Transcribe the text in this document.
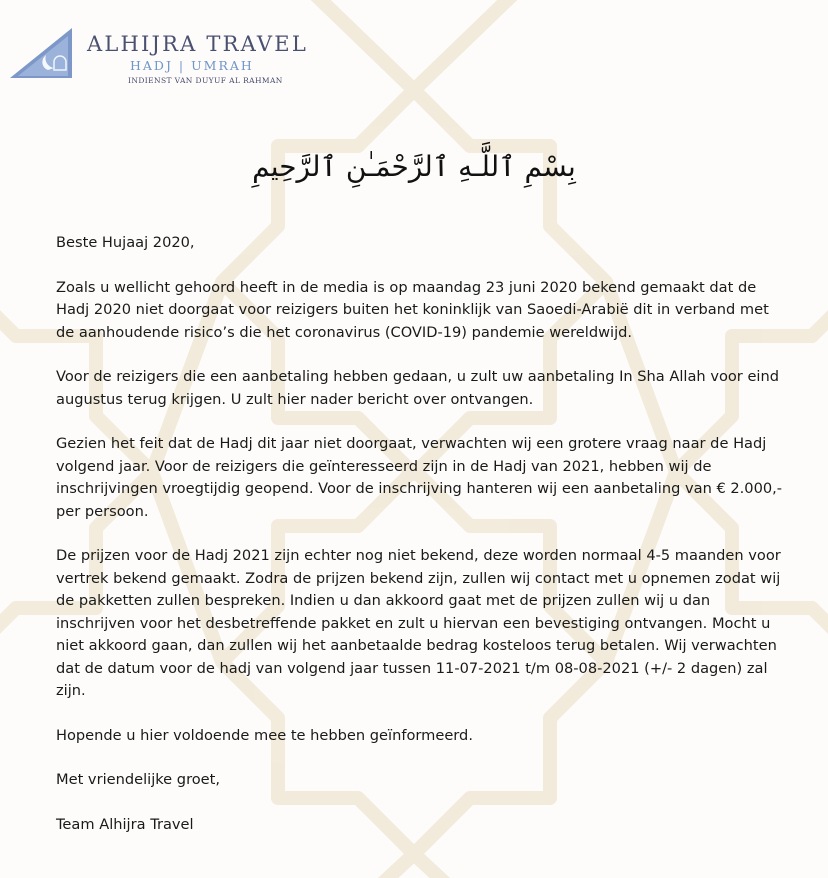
ALHIJRA TRAVEL
HADJ | UMRAH
INDIENST VAN DUYUF AL RAHMAN
بِسْمِ ٱللَّـهِ ٱلرَّحْمَـٰنِ ٱلرَّحِيمِ

Beste Hujaaj 2020,

Zoals u wellicht gehoord heeft in de media is op maandag 23 juni 2020 bekend gemaakt dat de
Hadj 2020 niet doorgaat voor reizigers buiten het koninklijk van Saoedi-Arabië dit in verband met
de aanhoudende risico’s die het coronavirus (COVID-19) pandemie wereldwijd.

Voor de reizigers die een aanbetaling hebben gedaan, u zult uw aanbetaling In Sha Allah voor eind
augustus terug krijgen. U zult hier nader bericht over ontvangen.

Gezien het feit dat de Hadj dit jaar niet doorgaat, verwachten wij een grotere vraag naar de Hadj
volgend jaar. Voor de reizigers die geïnteresseerd zijn in de Hadj van 2021, hebben wij de
inschrijvingen vroegtijdig geopend. Voor de inschrijving hanteren wij een aanbetaling van € 2.000,-
per persoon.

De prijzen voor de Hadj 2021 zijn echter nog niet bekend, deze worden normaal 4-5 maanden voor
vertrek bekend gemaakt. Zodra de prijzen bekend zijn, zullen wij contact met u opnemen zodat wij
de pakketten zullen bespreken. Indien u dan akkoord gaat met de prijzen zullen wij u dan
inschrijven voor het desbetreffende pakket en zult u hiervan een bevestiging ontvangen. Mocht u
niet akkoord gaan, dan zullen wij het aanbetaalde bedrag kosteloos terug betalen. Wij verwachten
dat de datum voor de hadj van volgend jaar tussen 11-07-2021 t/m 08-08-2021 (+/- 2 dagen) zal
zijn.

Hopende u hier voldoende mee te hebben geïnformeerd.

Met vriendelijke groet,

Team Alhijra Travel
